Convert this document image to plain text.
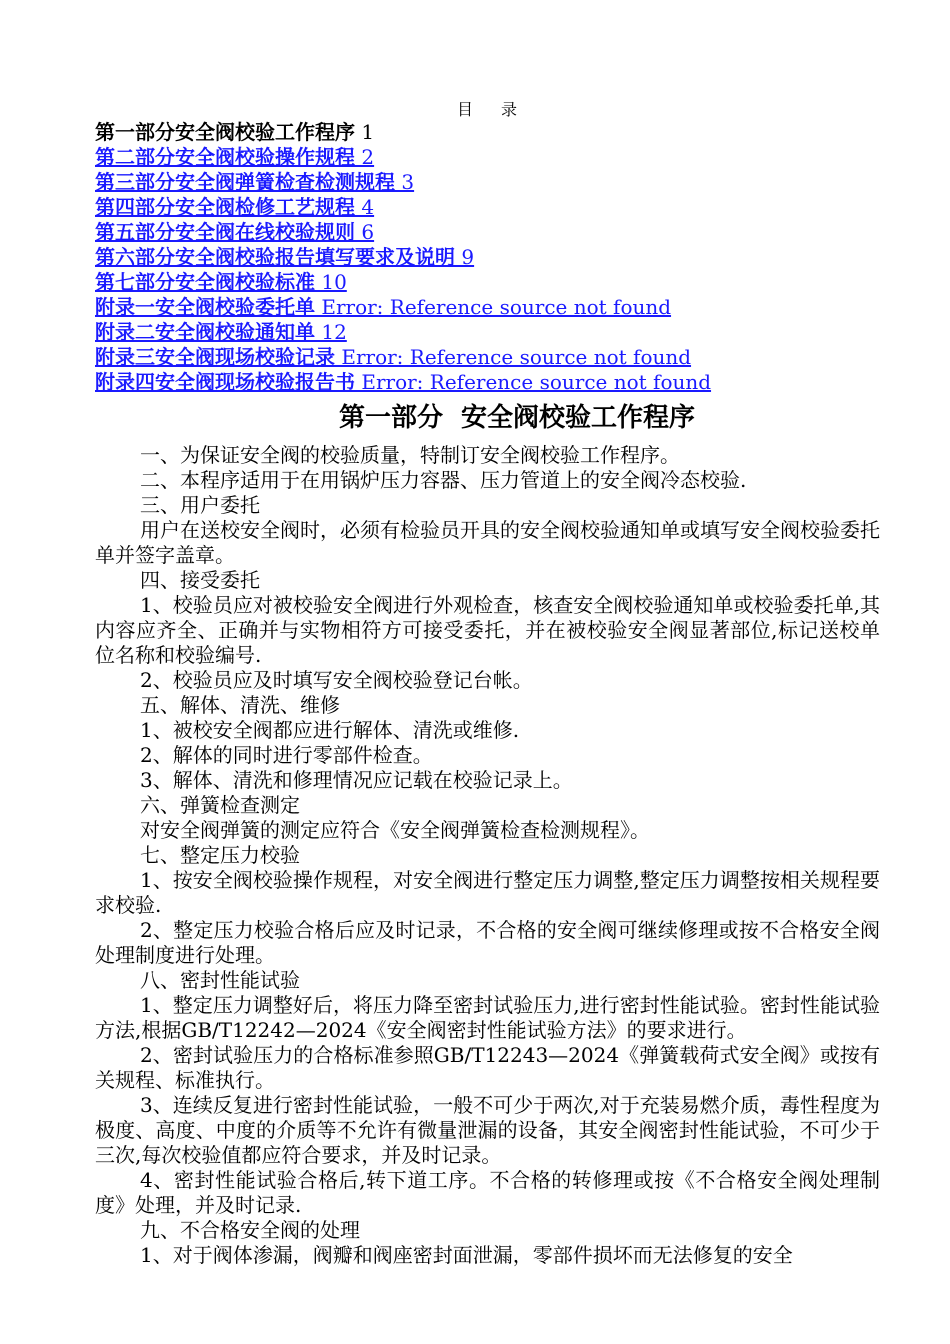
目　录
第一部分安全阀校验工作程序 1
第二部分安全阀校验操作规程 2
第三部分安全阀弹簧检查检测规程 3
第四部分安全阀检修工艺规程 4
第五部分安全阀在线校验规则 6
第六部分安全阀校验报告填写要求及说明 9
第七部分安全阀校验标准 10
附录一安全阀校验委托单 Error: Reference source not found
附录二安全阀校验通知单 12
附录三安全阀现场校验记录 Error: Reference source not found
附录四安全阀现场校验报告书 Error: Reference source not found
第一部分  安全阀校验工作程序

一、为保证安全阀的校验质量，特制订安全阀校验工作程序。

二、本程序适用于在用锅炉压力容器、压力管道上的安全阀冷态校验.

三、用户委托

用户在送校安全阀时，必须有检验员开具的安全阀校验通知单或填写安全阀校验委托单并签字盖章。

四、接受委托

1、校验员应对被校验安全阀进行外观检查，核查安全阀校验通知单或校验委托单,其内容应齐全、正确并与实物相符方可接受委托，并在被校验安全阀显著部位,标记送校单位名称和校验编号.

2、校验员应及时填写安全阀校验登记台帐。

五、解体、清洗、维修

1、被校安全阀都应进行解体、清洗或维修.

2、解体的同时进行零部件检查。

3、解体、清洗和修理情况应记载在校验记录上。

六、弹簧检查测定

对安全阀弹簧的测定应符合《安全阀弹簧检查检测规程》。

七、整定压力校验

1、按安全阀校验操作规程，对安全阀进行整定压力调整,整定压力调整按相关规程要求校验.

2、整定压力校验合格后应及时记录，不合格的安全阀可继续修理或按不合格安全阀处理制度进行处理。

八、密封性能试验

1、整定压力调整好后，将压力降至密封试验压力,进行密封性能试验。密封性能试验方法,根据GB/T12242—2024《安全阀密封性能试验方法》的要求进行。

2、密封试验压力的合格标准参照GB/T12243—2024《弹簧载荷式安全阀》或按有关规程、标准执行。

3、连续反复进行密封性能试验，一般不可少于两次,对于充装易燃介质，毒性程度为极度、高度、中度的介质等不允许有微量泄漏的设备，其安全阀密封性能试验，不可少于三次,每次校验值都应符合要求，并及时记录。

4、密封性能试验合格后,转下道工序。不合格的转修理或按《不合格安全阀处理制度》处理，并及时记录.

九、不合格安全阀的处理

1、对于阀体渗漏，阀瓣和阀座密封面泄漏，零部件损坏而无法修复的安全
